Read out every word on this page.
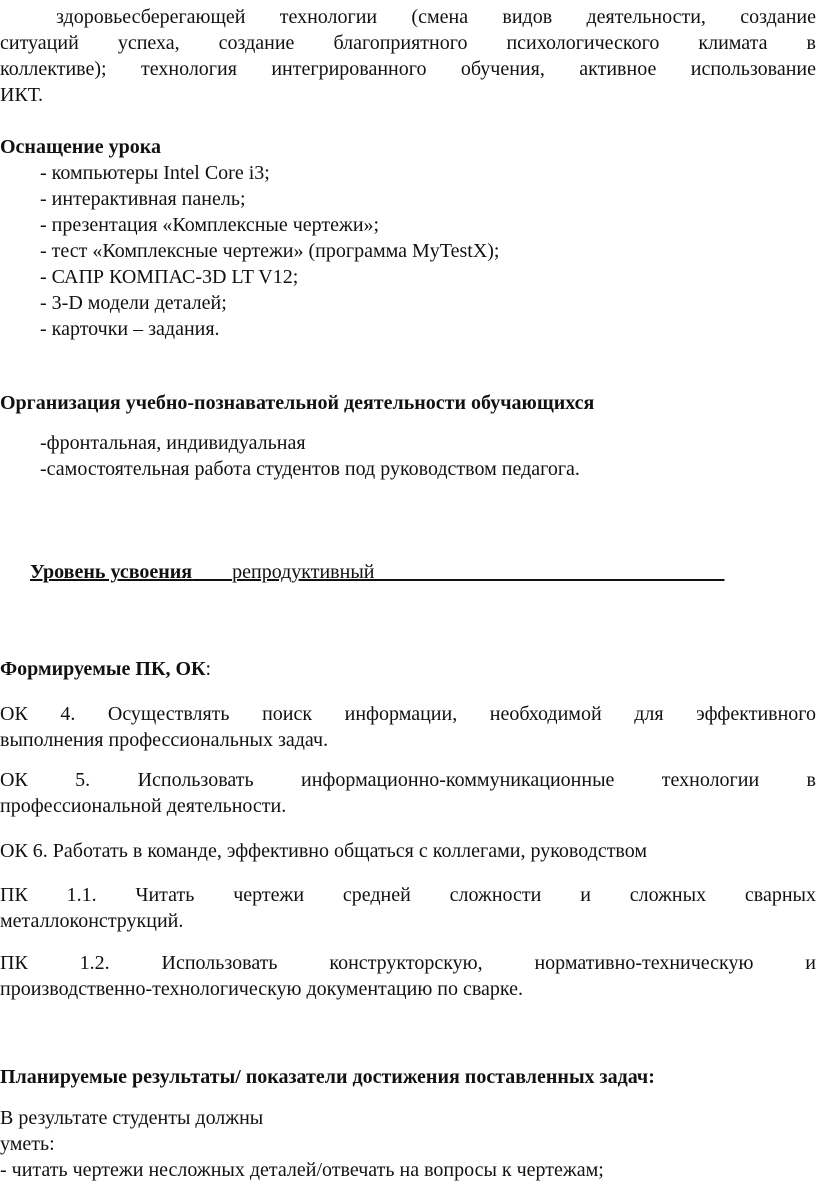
здоровьесберегающей технологии (смена видов деятельности, создание
ситуаций успеха, создание благоприятного психологического климата в
коллективе); технология интегрированного обучения, активное использование
ИКТ.
Оснащение урока
- компьютеры Intel Core i3;
- интерактивная панель;
- презентация «Комплексные чертежи»;
- тест «Комплексные чертежи» (программа MyTestX);
- САПР КОМПАС-3D LT V12;
- 3-D модели деталей;
- карточки – задания.
Организация учебно-познавательной деятельности обучающихся
-фронтальная, индивидуальная
-самостоятельная работа студентов под руководством педагога.

Уровень усвоения репродуктивный

Формируемые ПК, ОК:
ОК 4. Осуществлять поиск информации, необходимой для эффективного
выполнения профессиональных задач.
ОК 5. Использовать информационно-коммуникационные технологии в
профессиональной деятельности.
ОК 6. Работать в команде, эффективно общаться с коллегами, руководством
ПК 1.1. Читать чертежи средней сложности и сложных сварных
металлоконструкций.
ПК 1.2. Использовать конструкторскую, нормативно-техническую и
производственно-технологическую документацию по сварке.
Планируемые результаты/ показатели достижения поставленных задач:
В результате студенты должны
уметь:
- читать чертежи несложных деталей/отвечать на вопросы к чертежам;
